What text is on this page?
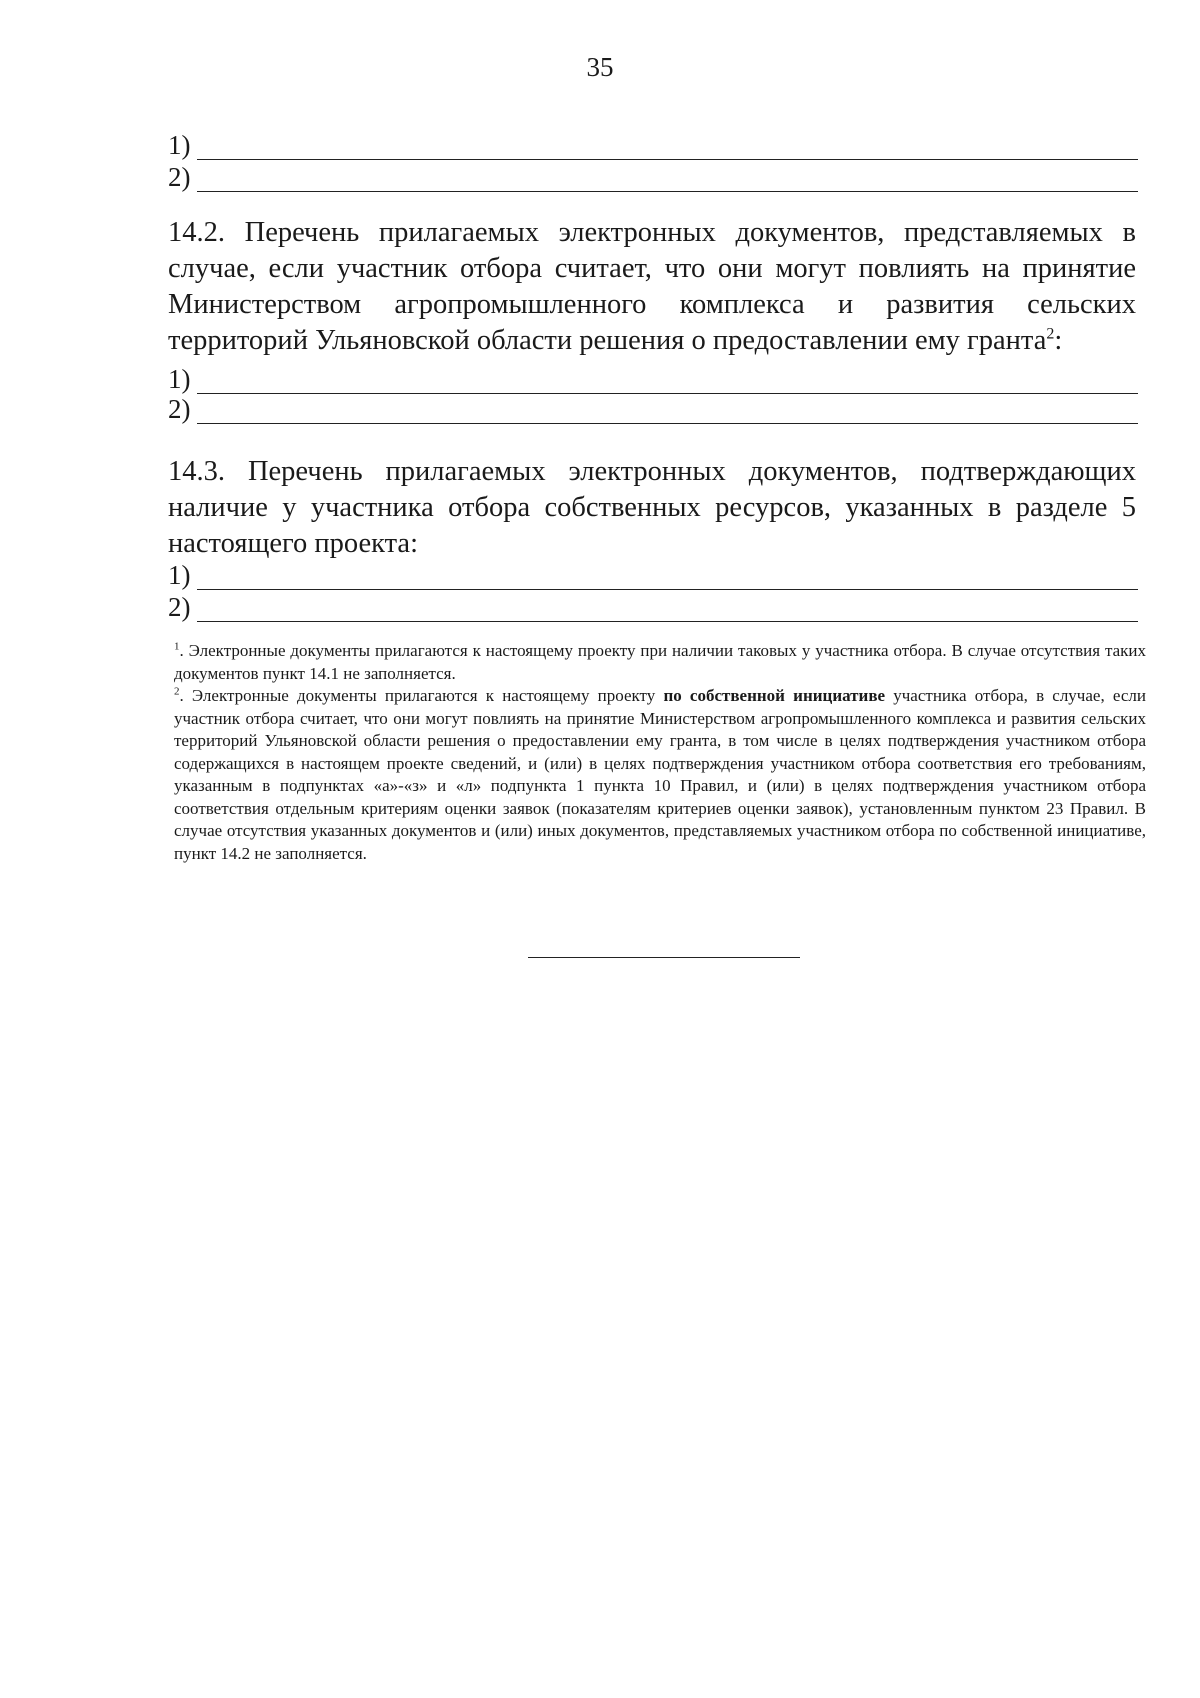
35
1)
2)
14.2. Перечень прилагаемых электронных документов, представляемых в случае, если участник отбора считает, что они могут повлиять на принятие Министерством агропромышленного комплекса и развития сельских территорий Ульяновской области решения о предоставлении ему гранта$^2$:
1)
2)
14.3. Перечень прилагаемых электронных документов, подтверждающих наличие у участника отбора собственных ресурсов, указанных в разделе 5 настоящего проекта:
1)
2)

$^1$. Электронные документы прилагаются к настоящему проекту при наличии таковых у участника отбора. В случае отсутствия таких документов пункт 14.1 не заполняется.

$^2$. Электронные документы прилагаются к настоящему проекту по собственной инициативе участника отбора, в случае, если участник отбора считает, что они могут повлиять на принятие Министерством агропромышленного комплекса и развития сельских территорий Ульяновской области решения о предоставлении ему гранта, в том числе в целях подтверждения участником отбора содержащихся в настоящем проекте сведений, и (или) в целях подтверждения участником отбора соответствия его требованиям, указанным в подпунктах «а»-«з» и «л» подпункта 1 пункта 10 Правил, и (или) в целях подтверждения участником отбора соответствия отдельным критериям оценки заявок (показателям критериев оценки заявок), установленным пунктом 23 Правил. В случае отсутствия указанных документов и (или) иных документов, представляемых участником отбора по собственной инициативе, пункт 14.2 не заполняется.
